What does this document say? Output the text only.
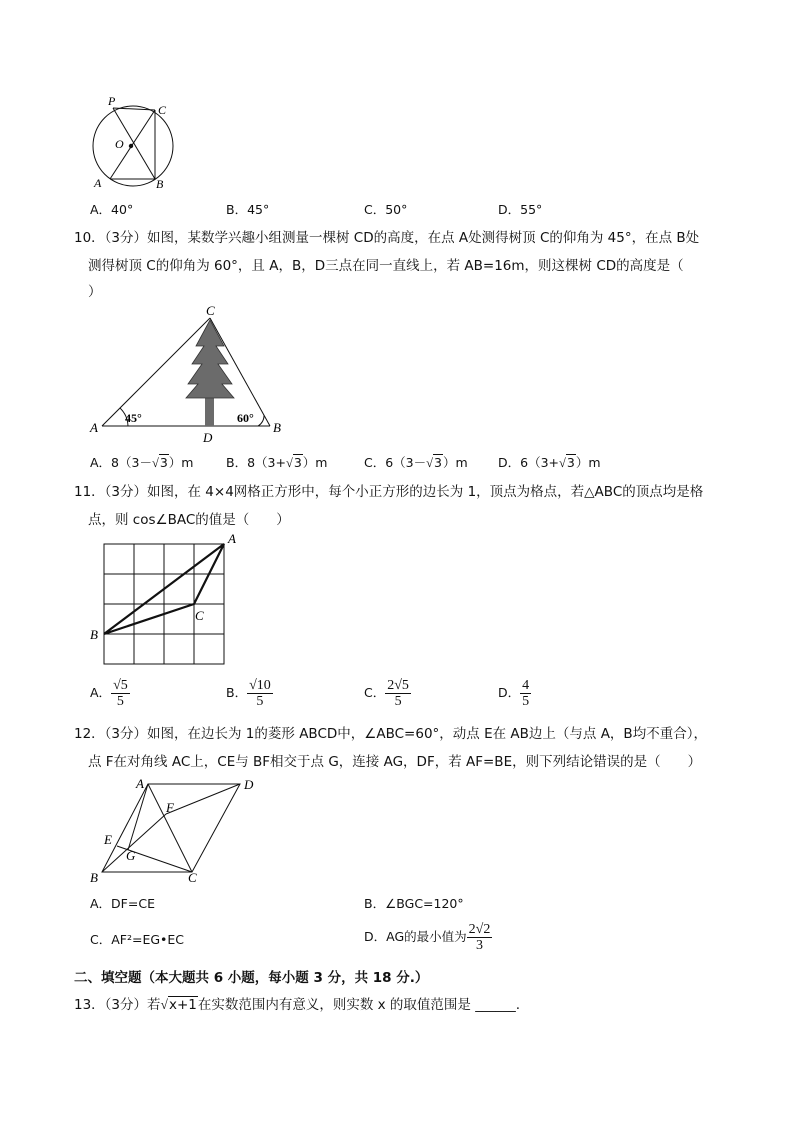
P
C
O
A	B
A．40°	B．45°	C．50°	D．55°
10．（3分）如图，某数学兴趣小组测量一棵树 CD的高度，在点 A处测得树顶 C的仰角为 45°，在点 B处
测得树顶 C的仰角为 60°，且 A，B，D三点在同一直线上，若 AB=16m，则这棵树 CD的高度是（
）
C
A	B
D
45°	60°
A．8（3－√3）m	B．8（3+√3）m	C．6（3－√3）m D．6（3+√3）m
11．（3分）如图，在 4×4网格正方形中，每个小正方形的边长为 1，顶点为格点，若△ABC的顶点均是格
点，则 cos∠BAC的值是（　　）
A
B
C
A． $\frac{√5}{5}$	B． $\frac{√10}{5}$	C． $\frac{2√5}{5}$	D． $\frac{4}{5}$
12．（3分）如图，在边长为 1的菱形 ABCD中，∠ABC=60°，动点 E在 AB边上（与点 A，B均不重合），
点 F在对角线 AC上，CE与 BF相交于点 G，连接 AG，DF，若 AF=BE，则下列结论错误的是（　　）
A	D
F
E
G
B	C
A．DF=CE	B．∠BGC=120°
C．AF²=EG•EC	D．AG的最小值为 $\frac{2√2}{3}$
二、填空题（本大题共 6 小题，每小题 3 分，共 18 分.）
13．（3分）若√x+1在实数范围内有意义，则实数 x 的取值范围是 ______.
